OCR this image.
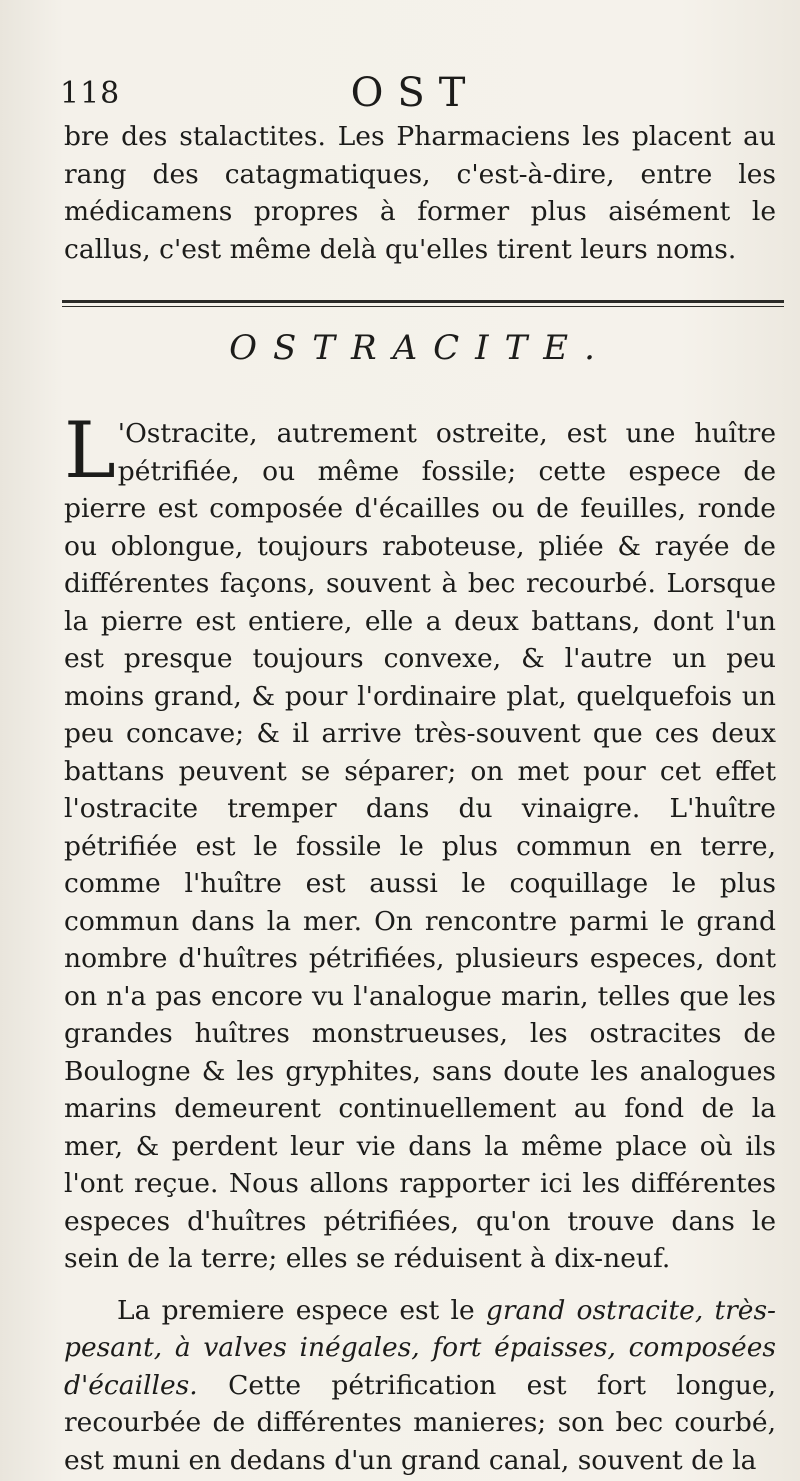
118	OST

bre des stalactites. Les Pharmaciens les placent au rang des catagmatiques, c'est-à-dire, entre les médicamens propres à former plus aisément le callus, c'est même delà qu'elles tirent leurs noms.

OSTRACITE.

L 'Ostracite, autrement ostreite, est une huître pétrifiée, ou même fossile; cette espece de pierre est composée d'écailles ou de feuilles, ronde ou oblongue, toujours raboteuse, pliée & rayée de différentes façons, souvent à bec recourbé. Lorsque la pierre est entiere, elle a deux battans, dont l'un est presque toujours convexe, & l'autre un peu moins grand, & pour l'ordinaire plat, quelquefois un peu concave; & il arrive très-souvent que ces deux battans peuvent se séparer; on met pour cet effet l'ostracite tremper dans du vinaigre. L'huître pétrifiée est le fossile le plus commun en terre, comme l'huître est aussi le coquillage le plus commun dans la mer. On rencontre parmi le grand nombre d'huîtres pétrifiées, plusieurs especes, dont on n'a pas encore vu l'analogue marin, telles que les grandes huîtres monstrueuses, les ostracites de Boulogne & les gryphites, sans doute les analogues marins demeurent continuellement au fond de la mer, & perdent leur vie dans la même place où ils l'ont reçue. Nous allons rapporter ici les différentes especes d'huîtres pétrifiées, qu'on trouve dans le sein de la terre; elles se réduisent à dix-neuf.

La premiere espece est le grand ostracite, très-pesant, à valves inégales, fort épaisses, composées d'écailles. Cette pétrification est fort longue, recourbée de différentes manieres; son bec courbé, est muni en dedans d'un grand canal, souvent de la
